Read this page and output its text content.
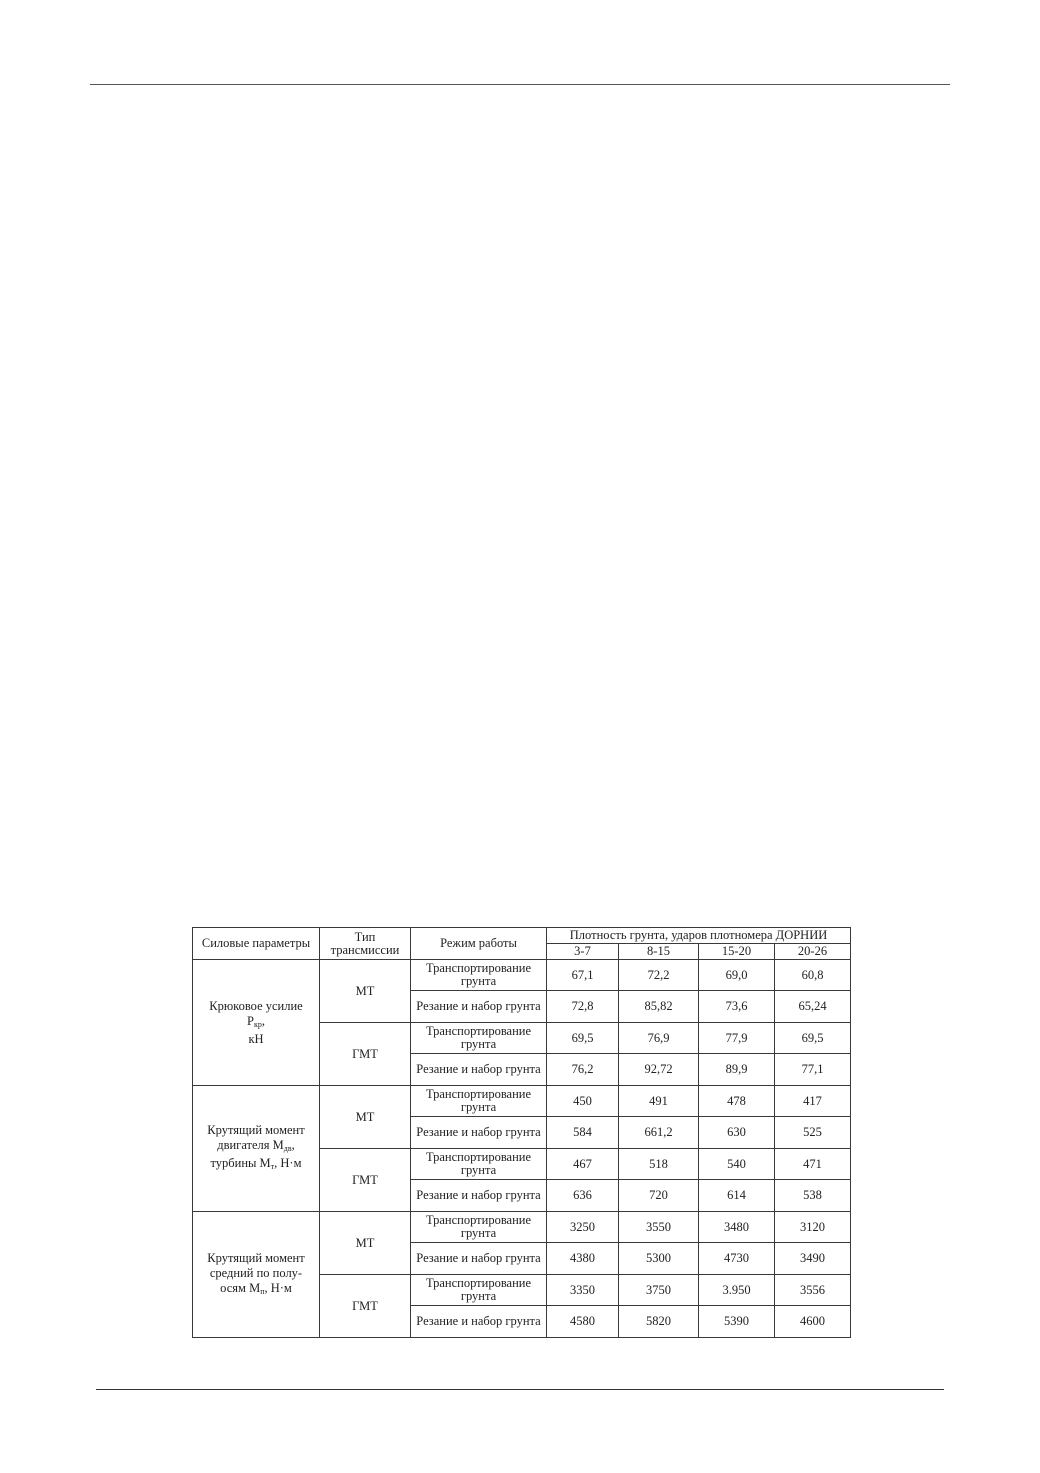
Силовые параметры	Тип трансмиссии	Режим работы	Плотность грунта, ударов плотномера ДОРНИИ			
			3-7	8-15	15-20	20-26
Крюковое усилие
$P_{кр}$,
кН	МТ	Транспортирование грунта	67,1	72,2	69,0	60,8
		Резание и набор грунта	72,8	85,82	73,6	65,24
	ГМТ	Транспортирование грунта	69,5	76,9	77,9	69,5
		Резание и набор грунта	76,2	92,72	89,9	77,1
Крутящий момент
двигателя $M_{дв}$,
турбины $M_т$, Н·м	МТ	Транспортирование грунта	450	491	478	417
		Резание и набор грунта	584	661,2	630	525
	ГМТ	Транспортирование грунта	467	518	540	471
		Резание и набор грунта	636	720	614	538
Крутящий момент
средний по полу-
осям $M_п$, Н·м	МТ	Транспортирование грунта	3250	3550	3480	3120
		Резание и набор грунта	4380	5300	4730	3490
	ГМТ	Транспортирование грунта	3350	3750	3.950	3556
		Резание и набор грунта	4580	5820	5390	4600
